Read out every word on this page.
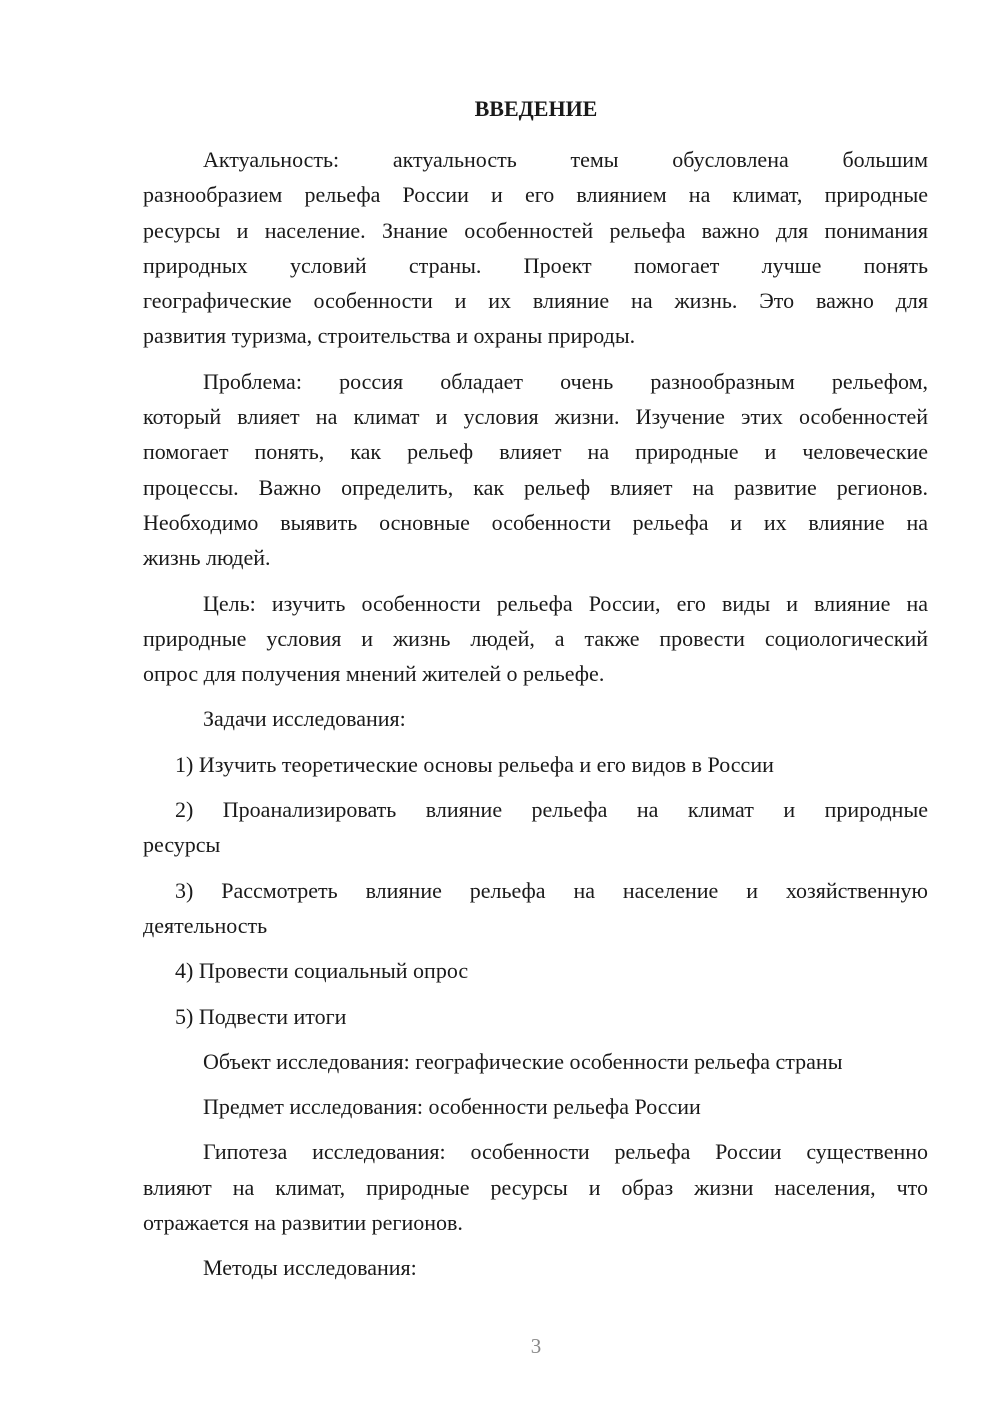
ВВЕДЕНИЕ
Актуальность: актуальность темы обусловлена большим
разнообразием рельефа России и его влиянием на климат, природные
ресурсы и население. Знание особенностей рельефа важно для понимания
природных условий страны. Проект помогает лучше понять
географические особенности и их влияние на жизнь. Это важно для
развития туризма, строительства и охраны природы.
Проблема: россия обладает очень разнообразным рельефом,
который влияет на климат и условия жизни. Изучение этих особенностей
помогает понять, как рельеф влияет на природные и человеческие
процессы. Важно определить, как рельеф влияет на развитие регионов.
Необходимо выявить основные особенности рельефа и их влияние на
жизнь людей.
Цель: изучить особенности рельефа России, его виды и влияние на
природные условия и жизнь людей, а также провести социологический
опрос для получения мнений жителей о рельефе.
Задачи исследования:
1) Изучить теоретические основы рельефа и его видов в России
2) Проанализировать влияние рельефа на климат и природные
ресурсы
3) Рассмотреть влияние рельефа на население и хозяйственную
деятельность
4) Провести социальный опрос
5) Подвести итоги
Объект исследования: географические особенности рельефа страны
Предмет исследования: особенности рельефа России
Гипотеза исследования: особенности рельефа России существенно
влияют на климат, природные ресурсы и образ жизни населения, что
отражается на развитии регионов.
Методы исследования:
3
